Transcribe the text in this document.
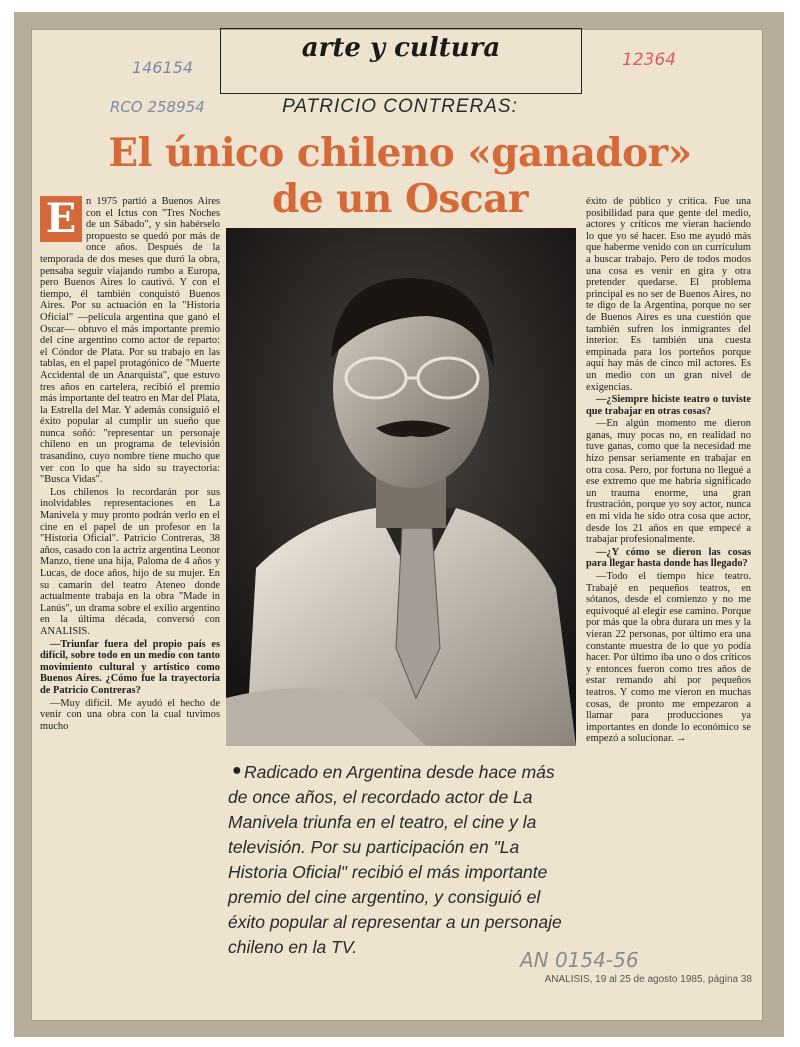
arte y cultura
146154
RCO 258954
12364
PATRICIO CONTRERAS:
El único chileno «ganador»
de un Oscar
E n 1975 partió a Buenos Aires con el Ictus con "Tres Noches de un Sábado", y sin habérselo propuesto se quedó por más de once años. Después de la temporada de dos meses que duró la obra, pensaba seguir viajando rumbo a Europa, pero Buenos Aires lo cautivó. Y con el tiempo, él también conquistó Buenos Aires. Por su actuación en la "Historia Oficial" —película argentina que ganó el Oscar— obtuvo el más importante premio del cine argentino como actor de reparto: el Cóndor de Plata. Por su trabajo en las tablas, en el papel protagónico de "Muerte Accidental de un Anarquista", que estuvo tres años en cartelera, recibió el premio más importante del teatro en Mar del Plata, la Estrella del Mar. Y además consiguió el éxito popular al cumplir un sueño que nunca soñó: "representar un personaje chileno en un programa de televisión trasandino, cuyo nombre tiene mucho que ver con lo que ha sido su trayectoria: "Busca Vidas".

Los chilenos lo recordarán por sus inolvidables representaciones en La Manivela y muy pronto podrán verlo en el cine en el papel de un profesor en la "Historia Oficial". Patricio Contreras, 38 años, casado con la actriz argentina Leonor Manzo, tiene una hija, Paloma de 4 años y Lucas, de doce años, hijo de su mujer. En su camarín del teatro Ateneo donde actualmente trabaja en la obra "Made in Lanús", un drama sobre el exilio argentino en la última década, conversó con ANALISIS.

—Triunfar fuera del propio país es difícil, sobre todo en un medio con tanto movimiento cultural y artístico como Buenos Aires. ¿Cómo fue la trayectoria de Patricio Contreras?

—Muy difícil. Me ayudó el hecho de venir con una obra con la cual tuvimos mucho

● Radicado en Argentina desde hace más de once años, el recordado actor de La Manivela triunfa en el teatro, el cine y la televisión. Por su participación en "La Historia Oficial" recibió el más importante premio del cine argentino, y consiguió el éxito popular al representar a un personaje chileno en la TV.

éxito de público y crítica. Fue una posibilidad para que gente del medio, actores y críticos me vieran haciendo lo que yo sé hacer. Eso me ayudó más que haberme venido con un currículum a buscar trabajo. Pero de todos modos una cosa es venir en gira y otra pretender quedarse. El problema principal es no ser de Buenos Aires, no te digo de la Argentina, porque no ser de Buenos Aires es una cuestión que también sufren los inmigrantes del interior. Es también una cuesta empinada para los porteños porque aquí hay más de cinco mil actores. Es un medio con un gran nivel de exigencias.

—¿Siempre hiciste teatro o tuviste que trabajar en otras cosas?

—En algún momento me dieron ganas, muy pocas no, en realidad no tuve ganas, como que la necesidad me hizo pensar seriamente en trabajar en otra cosa. Pero, por fortuna no llegué a ese extremo que me habría significado un trauma enorme, una gran frustración, porque yo soy actor, nunca en mi vida he sido otra cosa que actor, desde los 21 años en que empecé a trabajar profesionalmente.

—¿Y cómo se dieron las cosas para llegar hasta donde has llegado?

—Todo el tiempo hice teatro. Trabajé en pequeños teatros, en sótanos, desde el comienzo y no me equivoqué al elegir ese camino. Porque por más que la obra durara un mes y la vieran 22 personas, por último era una constante muestra de lo que yo podía hacer. Por último iba uno o dos críticos y entonces fueron como tres años de estar remando ahí por pequeños teatros. Y como me vieron en muchas cosas, de pronto me empezaron a llamar para producciones ya importantes en donde lo económico se empezó a solucionar. →

AN 0154-56
ANALISIS, 19 al 25 de agosto 1985, página 38
